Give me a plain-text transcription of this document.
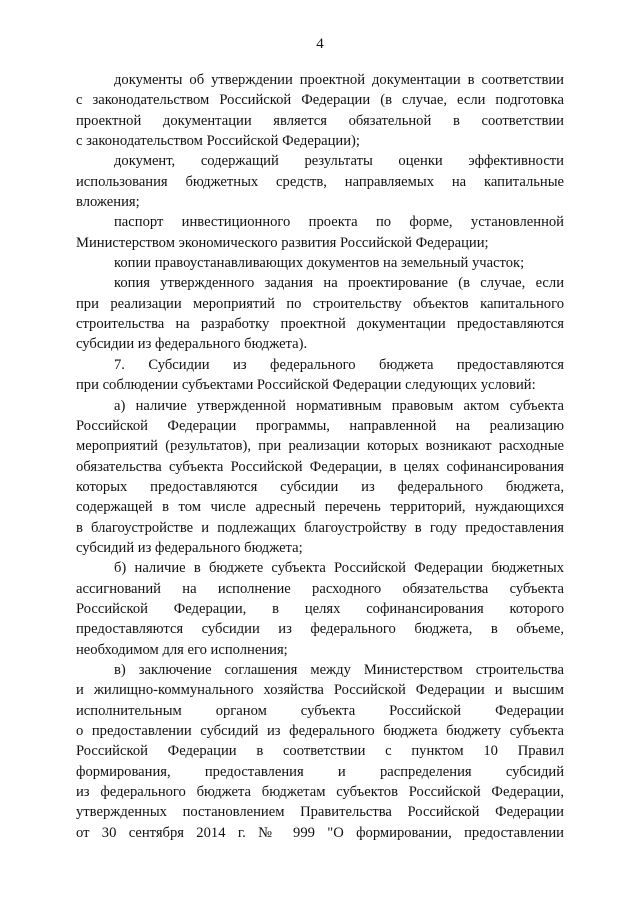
4
документы об утверждении проектной документации в соответствии
с законодательством Российской Федерации (в случае, если подготовка
проектной документации является обязательной в соответствии
с законодательством Российской Федерации);
документ, содержащий результаты оценки эффективности
использования бюджетных средств, направляемых на капитальные
вложения;
паспорт инвестиционного проекта по форме, установленной
Министерством экономического развития Российской Федерации;
копии правоустанавливающих документов на земельный участок;
копия утвержденного задания на проектирование (в случае, если
при реализации мероприятий по строительству объектов капитального
строительства на разработку проектной документации предоставляются
субсидии из федерального бюджета).
7. Субсидии из федерального бюджета предоставляются
при соблюдении субъектами Российской Федерации следующих условий:
а) наличие утвержденной нормативным правовым актом субъекта
Российской Федерации программы, направленной на реализацию
мероприятий (результатов), при реализации которых возникают расходные
обязательства субъекта Российской Федерации, в целях софинансирования
которых предоставляются субсидии из федерального бюджета,
содержащей в том числе адресный перечень территорий, нуждающихся
в благоустройстве и подлежащих благоустройству в году предоставления
субсидий из федерального бюджета;
б) наличие в бюджете субъекта Российской Федерации бюджетных
ассигнований на исполнение расходного обязательства субъекта
Российской Федерации, в целях софинансирования которого
предоставляются субсидии из федерального бюджета, в объеме,
необходимом для его исполнения;
в) заключение соглашения между Министерством строительства
и жилищно-коммунального хозяйства Российской Федерации и высшим
исполнительным органом субъекта Российской Федерации
о предоставлении субсидий из федерального бюджета бюджету субъекта
Российской Федерации в соответствии с пунктом 10 Правил
формирования, предоставления и распределения субсидий
из федерального бюджета бюджетам субъектов Российской Федерации,
утвержденных постановлением Правительства Российской Федерации
от 30 сентября 2014 г. № 999 "О формировании, предоставлении
